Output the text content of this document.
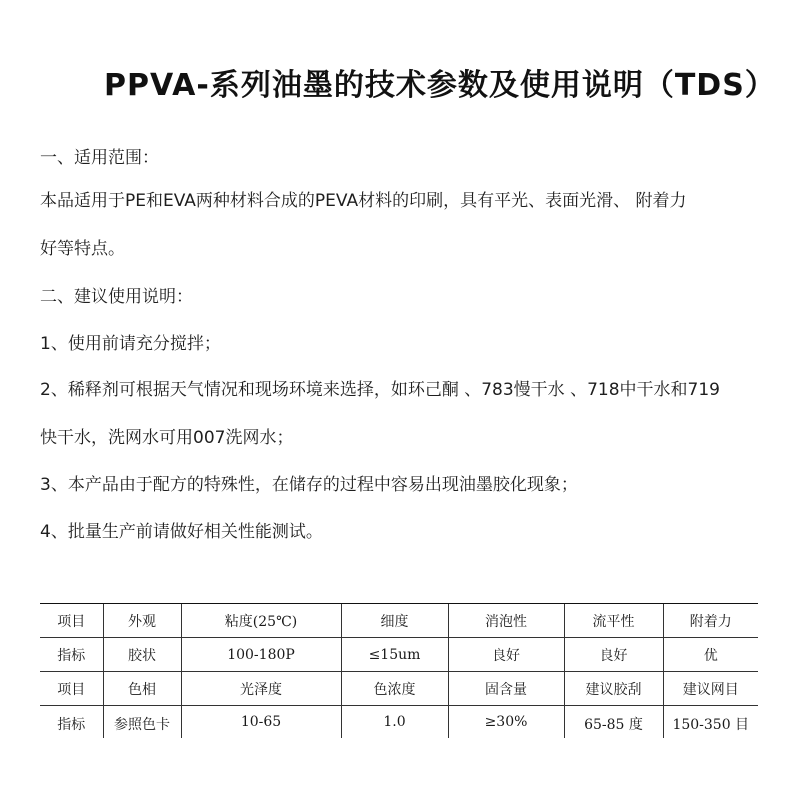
PPVA-系列油墨的技术参数及使用说明（TDS）
一、适用范围：
本品适用于PE和EVA两种材料合成的PEVA材料的印刷，具有平光、表面光滑、 附着力
好等特点。
二、建议使用说明：
1、使用前请充分搅拌；
2、稀释剂可根据天气情况和现场环境来选择，如环己酮 、783慢干水 、718中干水和719
快干水，洗网水可用007洗网水；
3、本产品由于配方的特殊性，在储存的过程中容易出现油墨胶化现象；
4、批量生产前请做好相关性能测试。
项目	外观	粘度(25℃)	细度	消泡性	流平性	附着力
指标	胶状	100-180P	≤15um	良好	良好	优
项目	色相	光泽度	色浓度	固含量	建议胶刮	建议网目
指标	参照色卡	10-65	1.0	≥30%	65-85 度	150-350 目
